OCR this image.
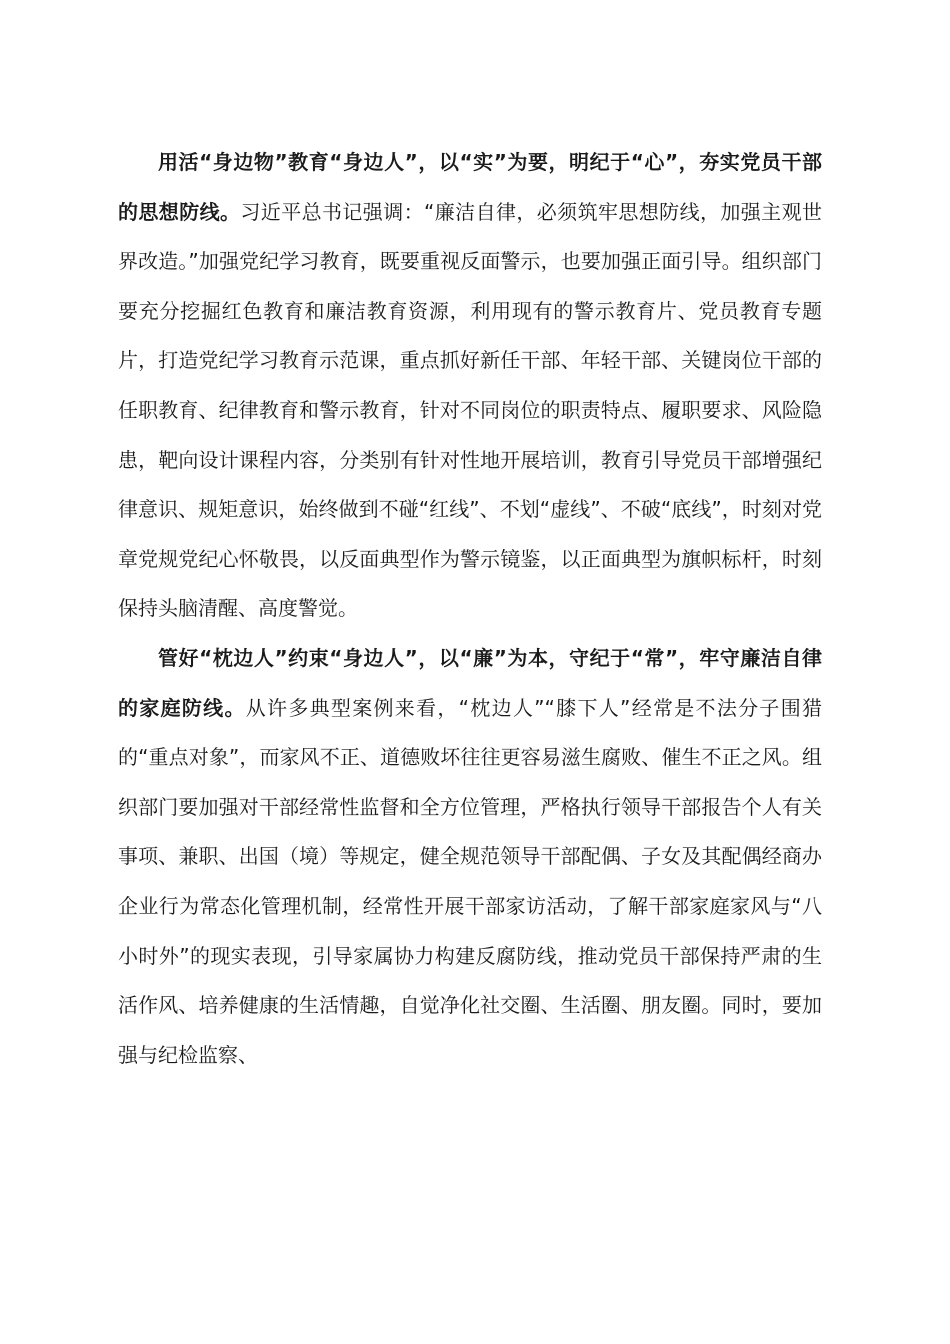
用活“身边物”教育“身边人”，以“实”为要，明纪于“心”，夯实党员干部的思想防线。习近平总书记强调：“廉洁自律，必须筑牢思想防线，加强主观世界改造。”加强党纪学习教育，既要重视反面警示，也要加强正面引导。组织部门要充分挖掘红色教育和廉洁教育资源，利用现有的警示教育片、党员教育专题片，打造党纪学习教育示范课，重点抓好新任干部、年轻干部、关键岗位干部的任职教育、纪律教育和警示教育，针对不同岗位的职责特点、履职要求、风险隐患，靶向设计课程内容，分类别有针对性地开展培训，教育引导党员干部增强纪律意识、规矩意识，始终做到不碰“红线”、不划“虚线”、不破“底线”，时刻对党章党规党纪心怀敬畏，以反面典型作为警示镜鉴，以正面典型为旗帜标杆，时刻保持头脑清醒、高度警觉。

管好“枕边人”约束“身边人”，以“廉”为本，守纪于“常”，牢守廉洁自律的家庭防线。从许多典型案例来看，“枕边人”“膝下人”经常是不法分子围猎的“重点对象”，而家风不正、道德败坏往往更容易滋生腐败、催生不正之风。组织部门要加强对干部经常性监督和全方位管理，严格执行领导干部报告个人有关事项、兼职、出国（境）等规定，健全规范领导干部配偶、子女及其配偶经商办企业行为常态化管理机制，经常性开展干部家访活动，了解干部家庭家风与“八小时外”的现实表现，引导家属协力构建反腐防线，推动党员干部保持严肃的生活作风、培养健康的生活情趣，自觉净化社交圈、生活圈、朋友圈。同时，要加强与纪检监察、
